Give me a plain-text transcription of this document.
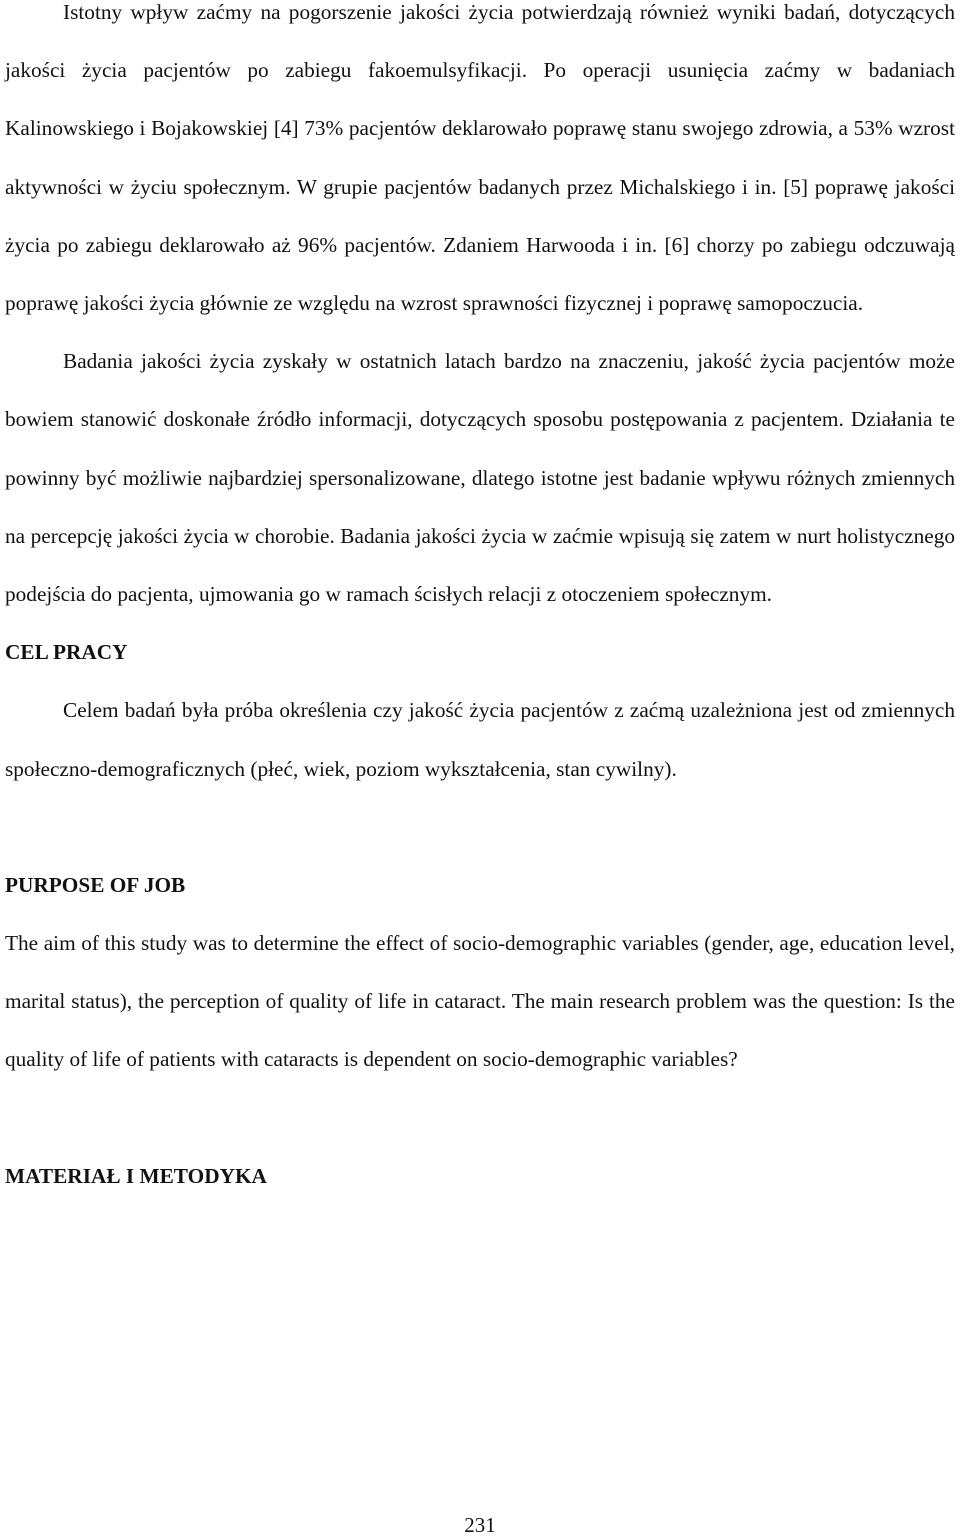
Istotny wpływ zaćmy na pogorszenie jakości życia potwierdzają również wyniki badań, dotyczących jakości życia pacjentów po zabiegu fakoemulsyfikacji. Po operacji usunięcia zaćmy w badaniach Kalinowskiego i Bojakowskiej [4] 73% pacjentów deklarowało poprawę stanu swojego zdrowia, a 53% wzrost aktywności w życiu społecznym. W grupie pacjentów badanych przez Michalskiego i in. [5] poprawę jakości życia po zabiegu deklarowało aż 96% pacjentów. Zdaniem Harwooda i in. [6] chorzy po zabiegu odczuwają poprawę jakości życia głównie ze względu na wzrost sprawności fizycznej i poprawę samopoczucia.

Badania jakości życia zyskały w ostatnich latach bardzo na znaczeniu, jakość życia pacjentów może bowiem stanowić doskonałe źródło informacji, dotyczących sposobu postępowania z pacjentem. Działania te powinny być możliwie najbardziej spersonalizowane, dlatego istotne jest badanie wpływu różnych zmiennych na percepcję jakości życia w chorobie. Badania jakości życia w zaćmie wpisują się zatem w nurt holistycznego podejścia do pacjenta, ujmowania go w ramach ścisłych relacji z otoczeniem społecznym.

CEL PRACY

Celem badań była próba określenia czy jakość życia pacjentów z zaćmą uzależniona jest od zmiennych społeczno-demograficznych (płeć, wiek, poziom wykształcenia, stan cywilny).

PURPOSE OF JOB

The aim of this study was to determine the effect of socio-demographic variables (gender, age, education level, marital status), the perception of quality of life in cataract. The main research problem was the question: Is the quality of life of patients with cataracts is dependent on socio-demographic variables?

MATERIAŁ I METODYKA
231
